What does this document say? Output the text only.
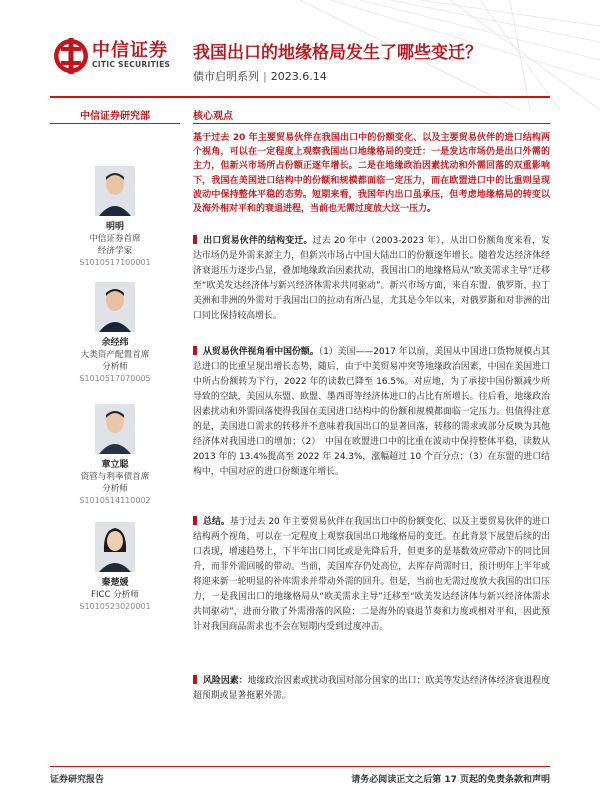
中信证券
CITIC SECURITIES
我国出口的地缘格局发生了哪些变迁？
债市启明系列 | 2023.6.14
中信证券研究部	核心观点
基于过去 20 年主要贸易伙伴在我国出口中的份额变化、以及主要贸易伙伴的进口结构两个视角，可以在一定程度上观察我国出口地缘格局的变迁：一是发达市场仍是出口外需的主力，但新兴市场所占份额正逐年增长。二是在地缘政治因素扰动和外需回落的双重影响下，我国在美国进口结构中的份额和规模都面临一定压力，而在欧盟进口中的比重则呈现波动中保持整体平稳的态势。短期来看，我国年内出口虽承压，但考虑地缘格局的转变以及海外相对平和的衰退进程，当前也无需过度放大这一压力。
明明
中信证券首席
经济学家
S1010517100001
余经纬
大类资产配置首席
分析师
S1010517070005
章立聪
资管与利率债首席
分析师
S1010514110002
秦楚媛
FICC 分析师
S1010523020001
出口贸易伙伴的结构变迁。过去 20 年中（2003-2023 年），从出口份额角度来看，发达市场仍是外需来源主力，但新兴市场占中国大陆出口的份额逐年增长。随着发达经济体经济衰退压力逐步凸显，叠加地缘政治因素扰动，我国出口的地缘格局从“欧美需求主导”迁移至“欧美发达经济体与新兴经济体需求共同驱动”。新兴市场方面，来自东盟、俄罗斯、拉丁美洲和非洲的外需对于我国出口的拉动有所凸显，尤其是今年以来，对俄罗斯和对非洲的出口同比保持较高增长。
从贸易伙伴视角看中国份额。（1）美国——2017 年以前，美国从中国进口货物规模占其总进口的比重呈现出增长态势，随后，由于中美贸易冲突等地缘政治因素，中国在美国进口中所占份额转为下行，2022 年的读数已降至 16.5%。对应地，为了承接中国份额减少所导致的空缺，美国从东盟、欧盟、墨西哥等经济体进口的占比有所增长。往后看，地缘政治因素扰动和外需回落使得我国在美国进口结构中的份额和规模都面临一定压力。但值得注意的是，美国进口需求的转移并不意味着我国出口的显著回落，转移的需求或部分反映为其他经济体对我国进口的增加；（2）　中国在欧盟进口中的比重在波动中保持整体平稳，读数从 2013 年的 13.4%提高至 2022 年 24.3%，涨幅超过 10 个百分点；（3）在东盟的进口结构中，中国对应的进口份额逐年增长。
总结。基于过去 20 年主要贸易伙伴在我国出口中的份额变化、以及主要贸易伙伴的进口结构两个视角，可以在一定程度上观察我国出口地缘格局的变迁。在此背景下展望后续的出口表现，增速趋势上，下半年出口同比或是先降后升，但更多的是基数效应带动下的同比回升，而非外需回暖的带动。当前，美国库存仍处高位，去库存尚需时日，预计明年上半年或将迎来新一轮明显的补库需求并带动外需的回升。但是，当前也无需过度放大我国的出口压力，一是我国出口的地缘格局从“欧美需求主导”迁移至“欧美发达经济体与新兴经济体需求共同驱动”，进而分散了外需滑落的风险；二是海外的衰退节奏和力度或相对平和，因此预计对我国商品需求也不会在短期内受到过度冲击。
风险因素：地缘政治因素或扰动我国对部分国家的出口；欧美等发达经济体经济衰退程度超预期或显著拖累外需。
证券研究报告	请务必阅读正文之后第 17 页起的免责条款和声明
